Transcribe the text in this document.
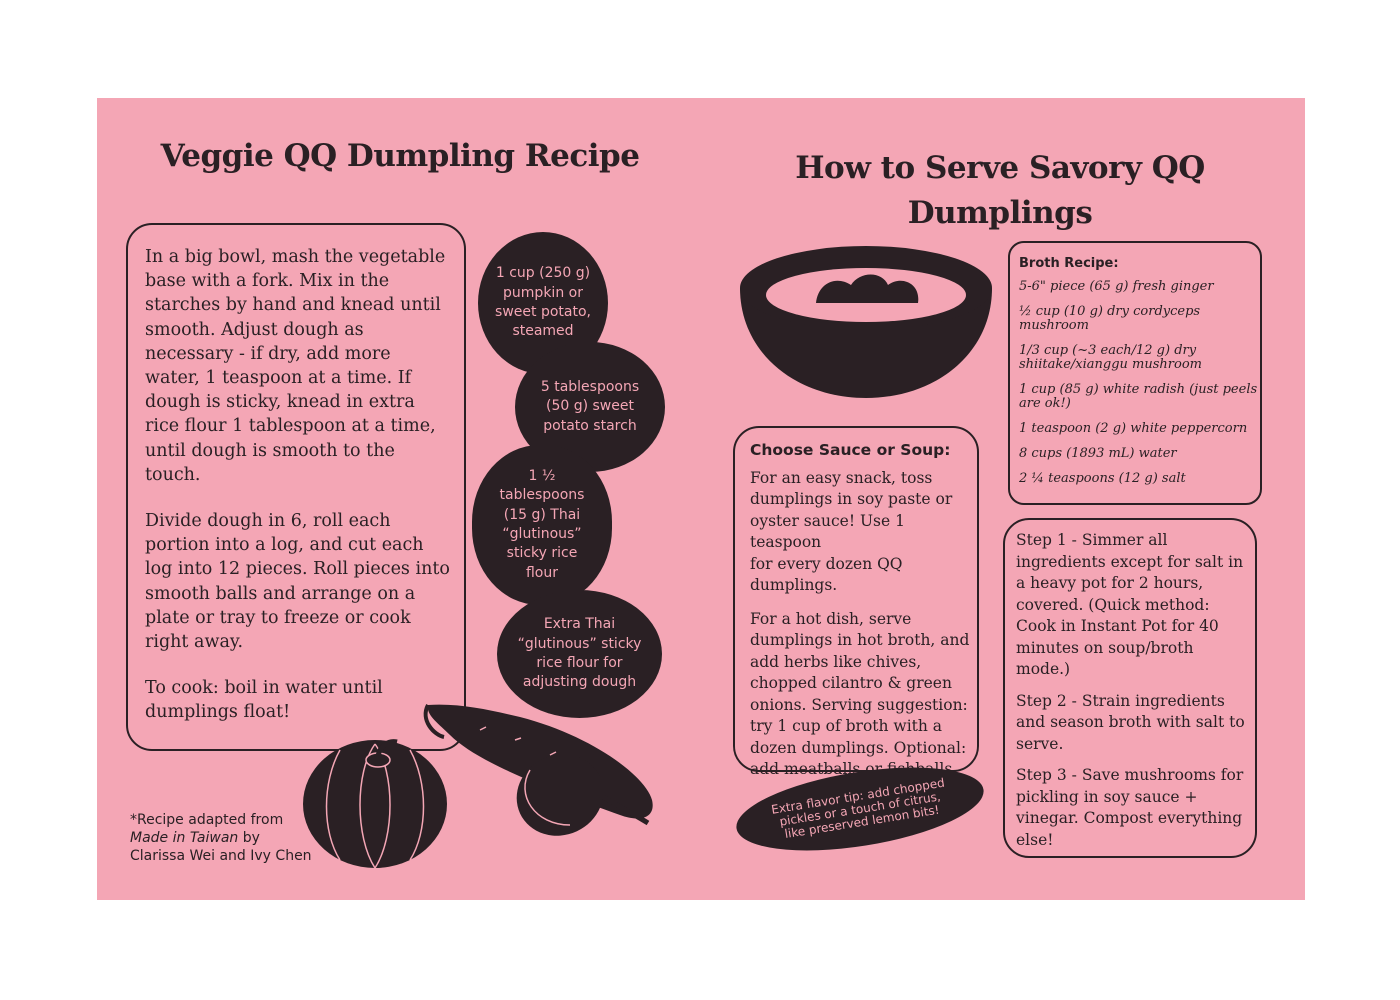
Veggie QQ Dumpling Recipe

In a big bowl, mash the vegetable
base with a fork. Mix in the
starches by hand and knead until
smooth. Adjust dough as
necessary - if dry, add more
water, 1 teaspoon at a time. If
dough is sticky, knead in extra
rice flour 1 tablespoon at a time,
until dough is smooth to the
touch.

Divide dough in 6, roll each
portion into a log, and cut each
log into 12 pieces. Roll pieces into
smooth balls and arrange on a
plate or tray to freeze or cook
right away.

To cook: boil in water until
dumplings float!

1 cup (250 g)
pumpkin or
sweet potato,
steamed
5 tablespoons
(50 g) sweet
potato starch
1 ½
tablespoons
(15 g) Thai
“glutinous”
sticky rice
flour
Extra Thai
“glutinous” sticky
rice flour for
adjusting dough
*Recipe adapted from
Made in Taiwan by
Clarissa Wei and Ivy Chen
How to Serve Savory QQ
Dumplings
Broth Recipe:
5-6" piece (65 g) fresh ginger
½ cup (10 g) dry cordyceps
mushroom
1/3 cup (~3 each/12 g) dry
shiitake/xianggu mushroom
1 cup (85 g) white radish (just peels
are ok!)
1 teaspoon (2 g) white peppercorn
8 cups (1893 mL) water
2 ¼ teaspoons (12 g) salt
Choose Sauce or Soup:

For an easy snack, toss
dumplings in soy paste or
oyster sauce! Use 1 teaspoon
for every dozen QQ
dumplings.

For a hot dish, serve
dumplings in hot broth, and
add herbs like chives,
chopped cilantro & green
onions. Serving suggestion:
try 1 cup of broth with a
dozen dumplings. Optional:
add meatballs

Step 1 - Simmer all
ingredients except for salt in
a heavy pot for 2 hours,
covered. (Quick method:
Cook in Instant Pot for 40
minutes on soup/broth
mode.)

Step 2 - Strain ingredients
and season broth with salt to
serve.

Step 3 - Save mushrooms for
pickling in soy sauce +
vinegar. Compost everything
else!

Extra flavor tip: add chopped
pickles or a touch of citrus,
like preserved lemon bits!
